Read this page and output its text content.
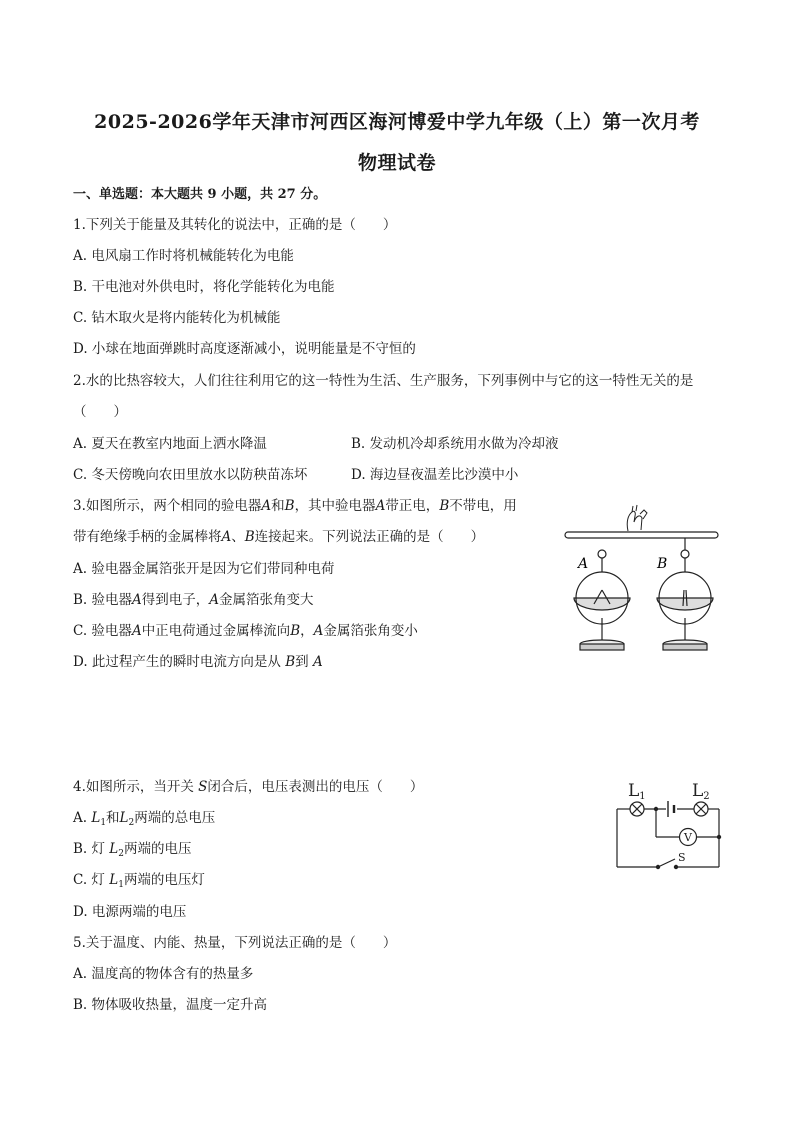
2025-2026学年天津市河西区海河博爱中学九年级（上）第一次月考
物理试卷
一、单选题：本大题共 9 小题，共 27 分。
1.下列关于能量及其转化的说法中，正确的是（　　）
A. 电风扇工作时将机械能转化为电能
B. 干电池对外供电时，将化学能转化为电能
C. 钻木取火是将内能转化为机械能
D. 小球在地面弹跳时高度逐渐减小，说明能量是不守恒的
2.水的比热容较大，人们往往利用它的这一特性为生活、生产服务，下列事例中与它的这一特性无关的是
（　　）
A. 夏天在教室内地面上洒水降温	B. 发动机冷却系统用水做为冷却液
C. 冬天傍晚向农田里放水以防秧苗冻坏	D. 海边昼夜温差比沙漠中小
3.如图所示，两个相同的验电器A和B，其中验电器A带正电，B不带电，用
带有绝缘手柄的金属棒将A、B连接起来。下列说法正确的是（　　）
A. 验电器金属箔张开是因为它们带同种电荷
B. 验电器A得到电子，A金属箔张角变大
C. 验电器A中正电荷通过金属棒流向B，A金属箔张角变小
D. 此过程产生的瞬时电流方向是从 B到 A
A	B
4.如图所示，当开关 S闭合后，电压表测出的电压（　　）
A. $L_1$和$L_2$两端的总电压
B. 灯 $L_2$两端的电压
C. 灯 $L_1$两端的电压灯
D. 电源两端的电压
V
L1	L2
S
5.关于温度、内能、热量，下列说法正确的是（　　）
A. 温度高的物体含有的热量多
B. 物体吸收热量，温度一定升高
